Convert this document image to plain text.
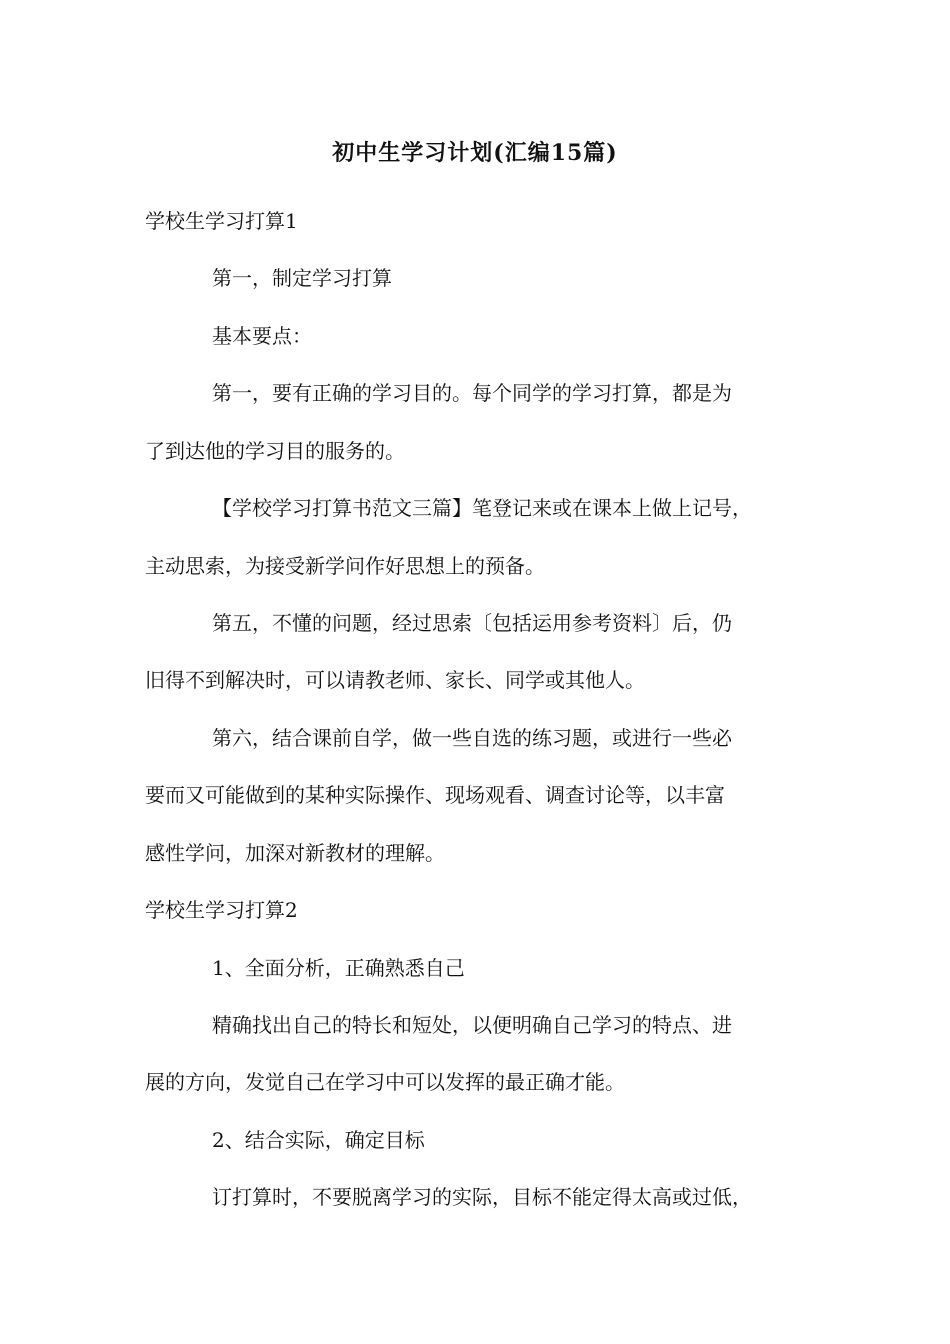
初中生学习计划(汇编15篇)
学校生学习打算1
第一，制定学习打算
基本要点：
第一，要有正确的学习目的。每个同学的学习打算，都是为
了到达他的学习目的服务的。
【学校学习打算书范文三篇】笔登记来或在课本上做上记号，
主动思索，为接受新学问作好思想上的预备。
第五，不懂的问题，经过思索〔包括运用参考资料〕后，仍
旧得不到解决时，可以请教老师、家长、同学或其他人。
第六，结合课前自学，做一些自选的练习题，或进行一些必
要而又可能做到的某种实际操作、现场观看、调查讨论等，以丰富
感性学问，加深对新教材的理解。
学校生学习打算2
1、全面分析，正确熟悉自己
精确找出自己的特长和短处，以便明确自己学习的特点、进
展的方向，发觉自己在学习中可以发挥的最正确才能。
2、结合实际，确定目标
订打算时，不要脱离学习的实际，目标不能定得太高或过低，
